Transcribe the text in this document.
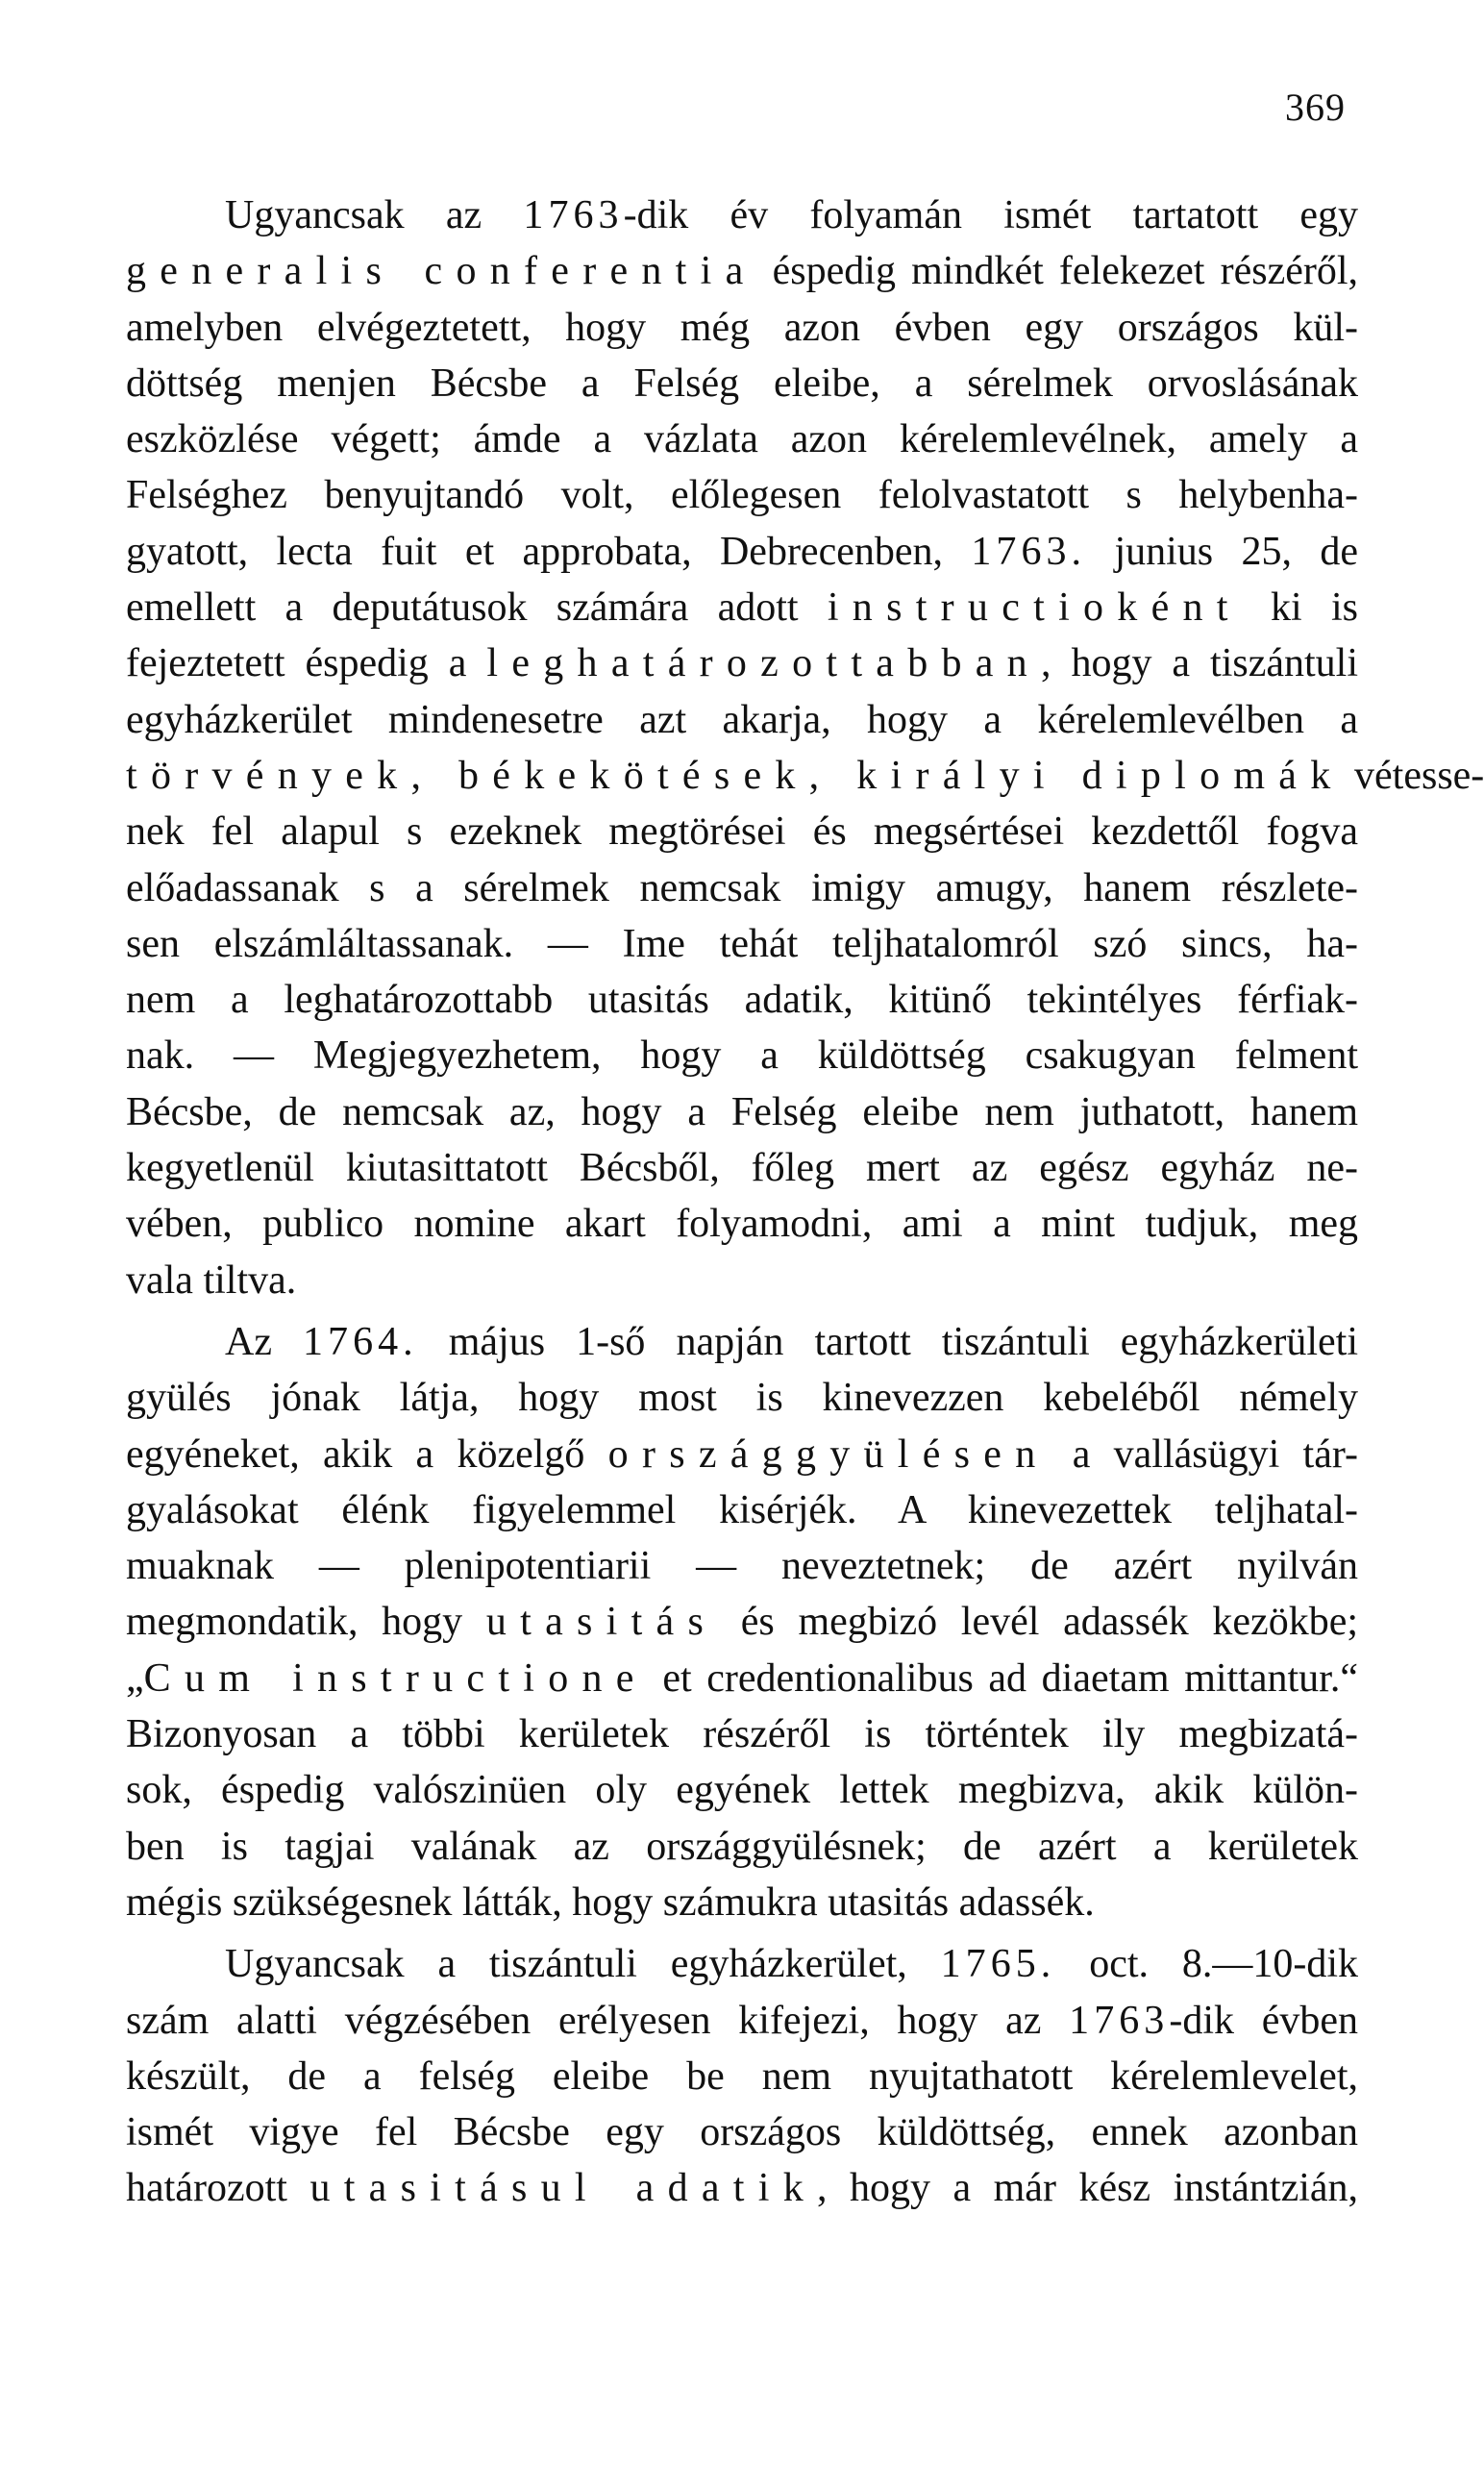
369
Ugyancsak az 1763-dik év folyamán ismét tartatott egy
generalis conferentia éspedig mindkét felekezet részéről,
amelyben elvégeztetett, hogy még azon évben egy országos kül-
döttség menjen Bécsbe a Felség eleibe, a sérelmek orvoslásának
eszközlése végett; ámde a vázlata azon kérelemlevélnek, amely a
Felséghez benyujtandó volt, előlegesen felolvastatott s helybenha-
gyatott, lecta fuit et approbata, Debrecenben, 1763. junius 25, de
emellett a deputátusok számára adott instructioként ki is
fejeztetett éspedig a leghatározottabban, hogy a tiszántuli
egyházkerület mindenesetre azt akarja, hogy a kérelemlevélben a
törvények, békekötések, királyi diplomák vétesse-
nek fel alapul s ezeknek megtörései és megsértései kezdettől fogva
előadassanak s a sérelmek nemcsak imigy amugy, hanem részlete-
sen elszámláltassanak. — Ime tehát teljhatalomról szó sincs, ha-
nem a leghatározottabb utasitás adatik, kitünő tekintélyes férfiak-
nak. — Megjegyezhetem, hogy a küldöttség csakugyan felment
Bécsbe, de nemcsak az, hogy a Felség eleibe nem juthatott, hanem
kegyetlenül kiutasittatott Bécsből, főleg mert az egész egyház ne-
vében, publico nomine akart folyamodni, ami a mint tudjuk, meg
vala tiltva.
Az 1764. május 1-ső napján tartott tiszántuli egyházkerületi
gyülés jónak látja, hogy most is kinevezzen kebeléből némely
egyéneket, akik a közelgő országgyülésen a vallásügyi tár-
gyalásokat élénk figyelemmel kisérjék. A kinevezettek teljhatal-
muaknak — plenipotentiarii — neveztetnek; de azért nyilván
megmondatik, hogy utasitás és megbizó levél adassék kezökbe;
„Cum instructione et credentionalibus ad diaetam mittantur.“
Bizonyosan a többi kerületek részéről is történtek ily megbizatá-
sok, éspedig valószinüen oly egyének lettek megbizva, akik külön-
ben is tagjai valának az országgyülésnek; de azért a kerületek
mégis szükségesnek látták, hogy számukra utasitás adassék.
Ugyancsak a tiszántuli egyházkerület, 1765. oct. 8.—10-dik
szám alatti végzésében erélyesen kifejezi, hogy az 1763-dik évben
készült, de a felség eleibe be nem nyujtathatott kérelemlevelet,
ismét vigye fel Bécsbe egy országos küldöttség, ennek azonban
határozott utasitásul adatik, hogy a már kész instántzián,
